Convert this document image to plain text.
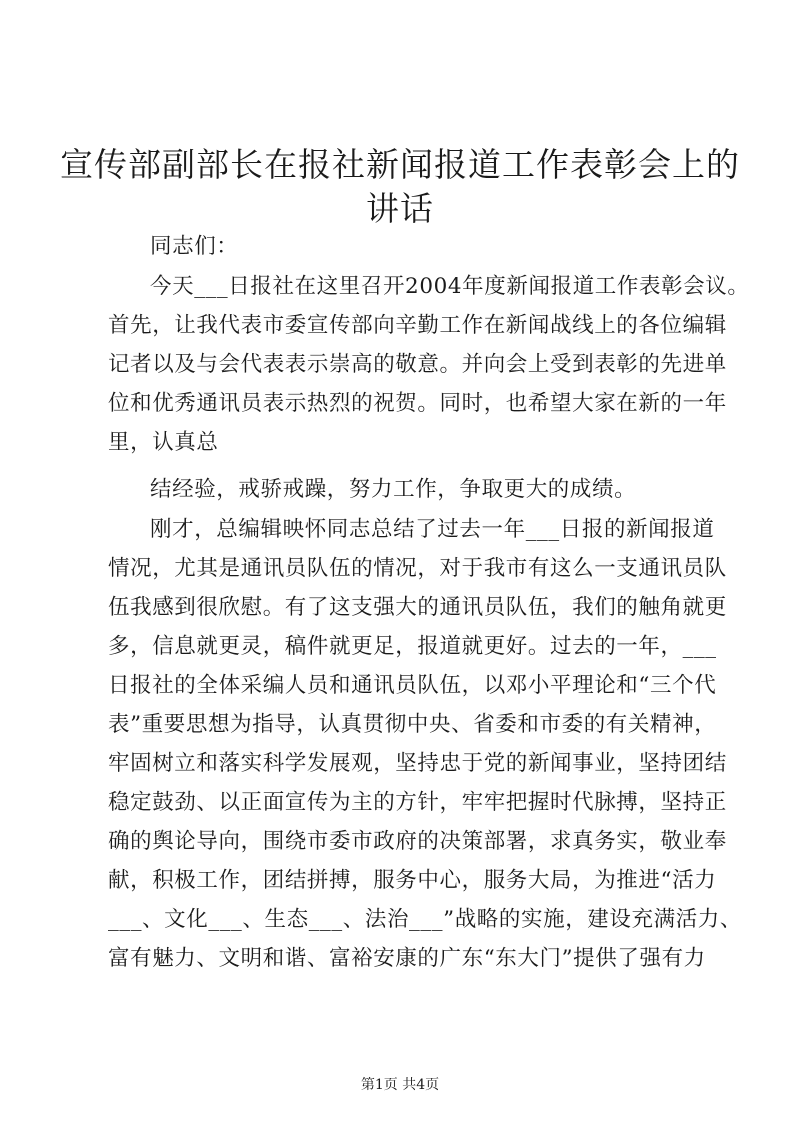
宣传部副部长在报社新闻报道工作表彰会上的
讲话
同志们：
今天___日报社在这里召开2004年度新闻报道工作表彰会议。
首先，让我代表市委宣传部向辛勤工作在新闻战线上的各位编辑
记者以及与会代表表示崇高的敬意。并向会上受到表彰的先进单
位和优秀通讯员表示热烈的祝贺。同时，也希望大家在新的一年
里，认真总
结经验，戒骄戒躁，努力工作，争取更大的成绩。
刚才，总编辑映怀同志总结了过去一年___日报的新闻报道
情况，尤其是通讯员队伍的情况，对于我市有这么一支通讯员队
伍我感到很欣慰。有了这支强大的通讯员队伍，我们的触角就更
多，信息就更灵，稿件就更足，报道就更好。过去的一年，___
日报社的全体采编人员和通讯员队伍，以邓小平理论和“三个代
表”重要思想为指导，认真贯彻中央、省委和市委的有关精神，
牢固树立和落实科学发展观，坚持忠于党的新闻事业，坚持团结
稳定鼓劲、以正面宣传为主的方针，牢牢把握时代脉搏，坚持正
确的舆论导向，围绕市委市政府的决策部署，求真务实，敬业奉
献，积极工作，团结拼搏，服务中心，服务大局，为推进“活力
___、文化___、生态___、法治___”战略的实施，建设充满活力、
富有魅力、文明和谐、富裕安康的广东“东大门”提供了强有力
第1页 共4页
